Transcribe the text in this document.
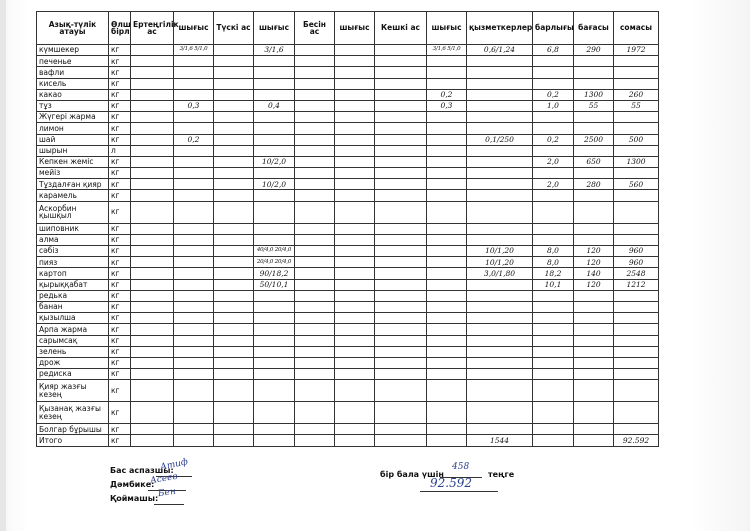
Азық-түлік атауы	Өлш бірл	Ертеңгілік ас	шығыс	Түскі ас	шығыс	Бесін ас	шығыс	Кешкі ас	шығыс	қызметкерлер	барлығы	бағасы	сомасы
күмшекер	кг		3/1,6 5/1,0		3/1,6				3/1,6 5/1,0	0,6/1,24	6,8	290	1972
печенье	кг												
вафли	кг												
кисель	кг												
какао	кг								0,2		0,2	1300	260
тұз	кг		0,3		0,4				0,3		1,0	55	55
Жүгері жарма	кг												
лимон	кг												
шай	кг		0,2							0,1/250	0,2	2500	500
шырын	л												
Кепкен жеміс	кг				10/2,0						2,0	650	1300
мейіз	кг												
Тұздалған қияр	кг				10/2,0						2,0	280	560
карамель	кг												
Аскорбин қышқыл	кг												
шиповник	кг												
алма	кг												
сәбіз	кг				40/4,0 20/4,0					10/1,20	8,0	120	960
пияз	кг				20/4,0 20/4,0					10/1,20	8,0	120	960
картоп	кг				90/18,2					3,0/1,80	18,2	140	2548
қырыққабат	кг				50/10,1						10,1	120	1212
редька	кг												
банан	кг												
қызылша	кг												
Арпа жарма	кг												
сарымсақ	кг												
зелень	кг												
дрож	кг												
редиска	кг												
Қияр жазғы кезең	кг												
Қызанақ жазғы кезең	кг												
Болгар бұрышы	кг												
Итого	кг									1544			92.592
Бас аспазшы:
Атиф
Дәмбике:
Асеев
Қоймашы: Бен
бір бала үшін
458
теңге
92.592
